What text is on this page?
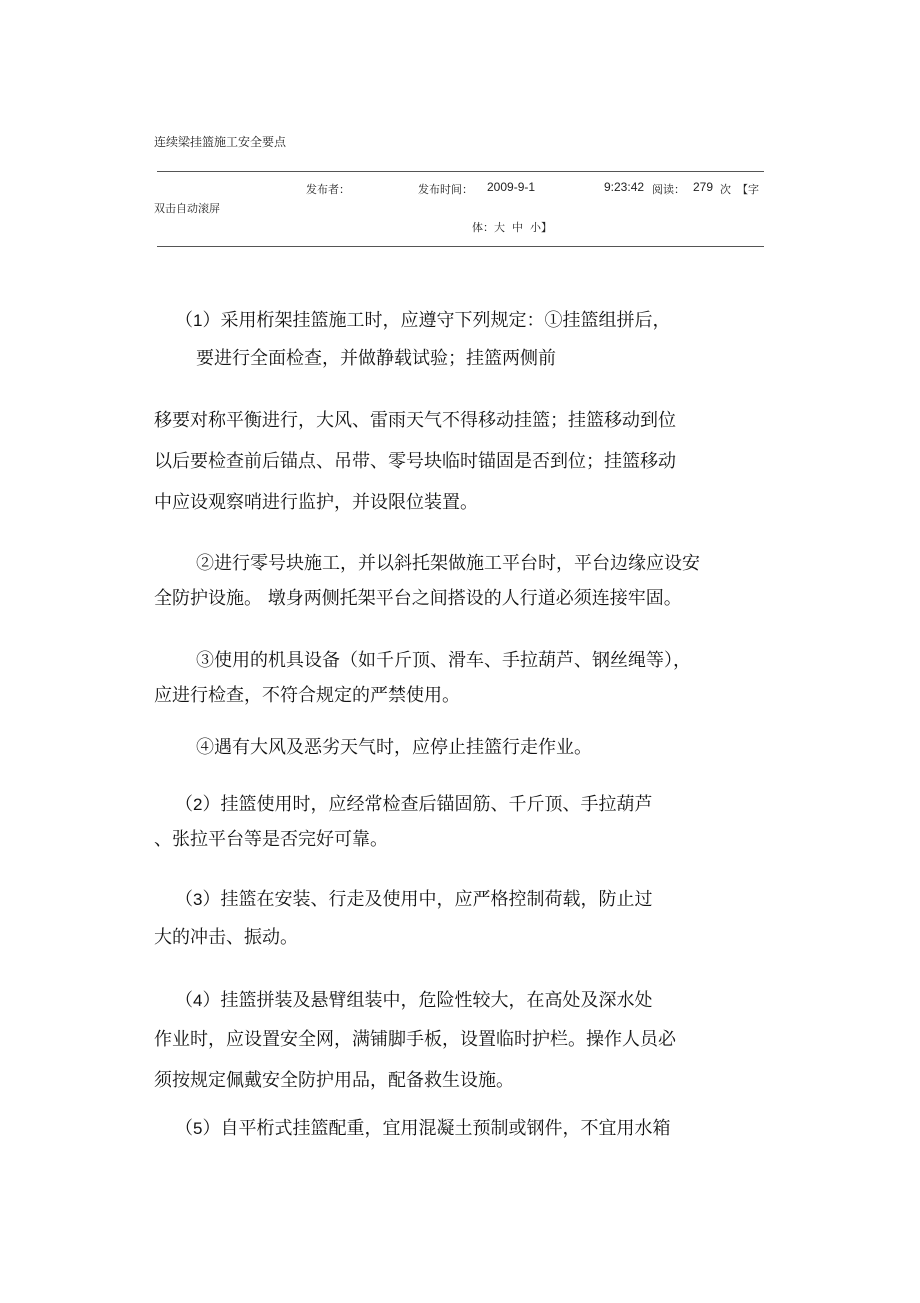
连续梁挂篮施工安全要点
发布者：	发布时间： 2009-9-1	9:23:42 阅读： 279 次 【字
双击自动滚屏
体：大  中  小】
（1）采用桁架挂篮施工时，应遵守下列规定：①挂篮组拼后，
要进行全面检查，并做静载试验；挂篮两侧前
移要对称平衡进行，大风、雷雨天气不得移动挂篮；挂篮移动到位
以后要检查前后锚点、吊带、零号块临时锚固是否到位；挂篮移动
中应设观察哨进行监护，并设限位装置。
②进行零号块施工，并以斜托架做施工平台时，平台边缘应设安
全防护设施。 墩身两侧托架平台之间搭设的人行道必须连接牢固。
③使用的机具设备（如千斤顶、滑车、手拉葫芦、钢丝绳等），
应进行检查，不符合规定的严禁使用。
④遇有大风及恶劣天气时，应停止挂篮行走作业。
（2）挂篮使用时，应经常检查后锚固筋、千斤顶、手拉葫芦
、张拉平台等是否完好可靠。
（3）挂篮在安装、行走及使用中，应严格控制荷载，防止过
大的冲击、振动。
（4）挂篮拼装及悬臂组装中，危险性较大，在高处及深水处
作业时，应设置安全网，满铺脚手板，设置临时护栏。操作人员必
须按规定佩戴安全防护用品，配备救生设施。
（5）自平桁式挂篮配重，宜用混凝土预制或钢件，不宜用水箱
